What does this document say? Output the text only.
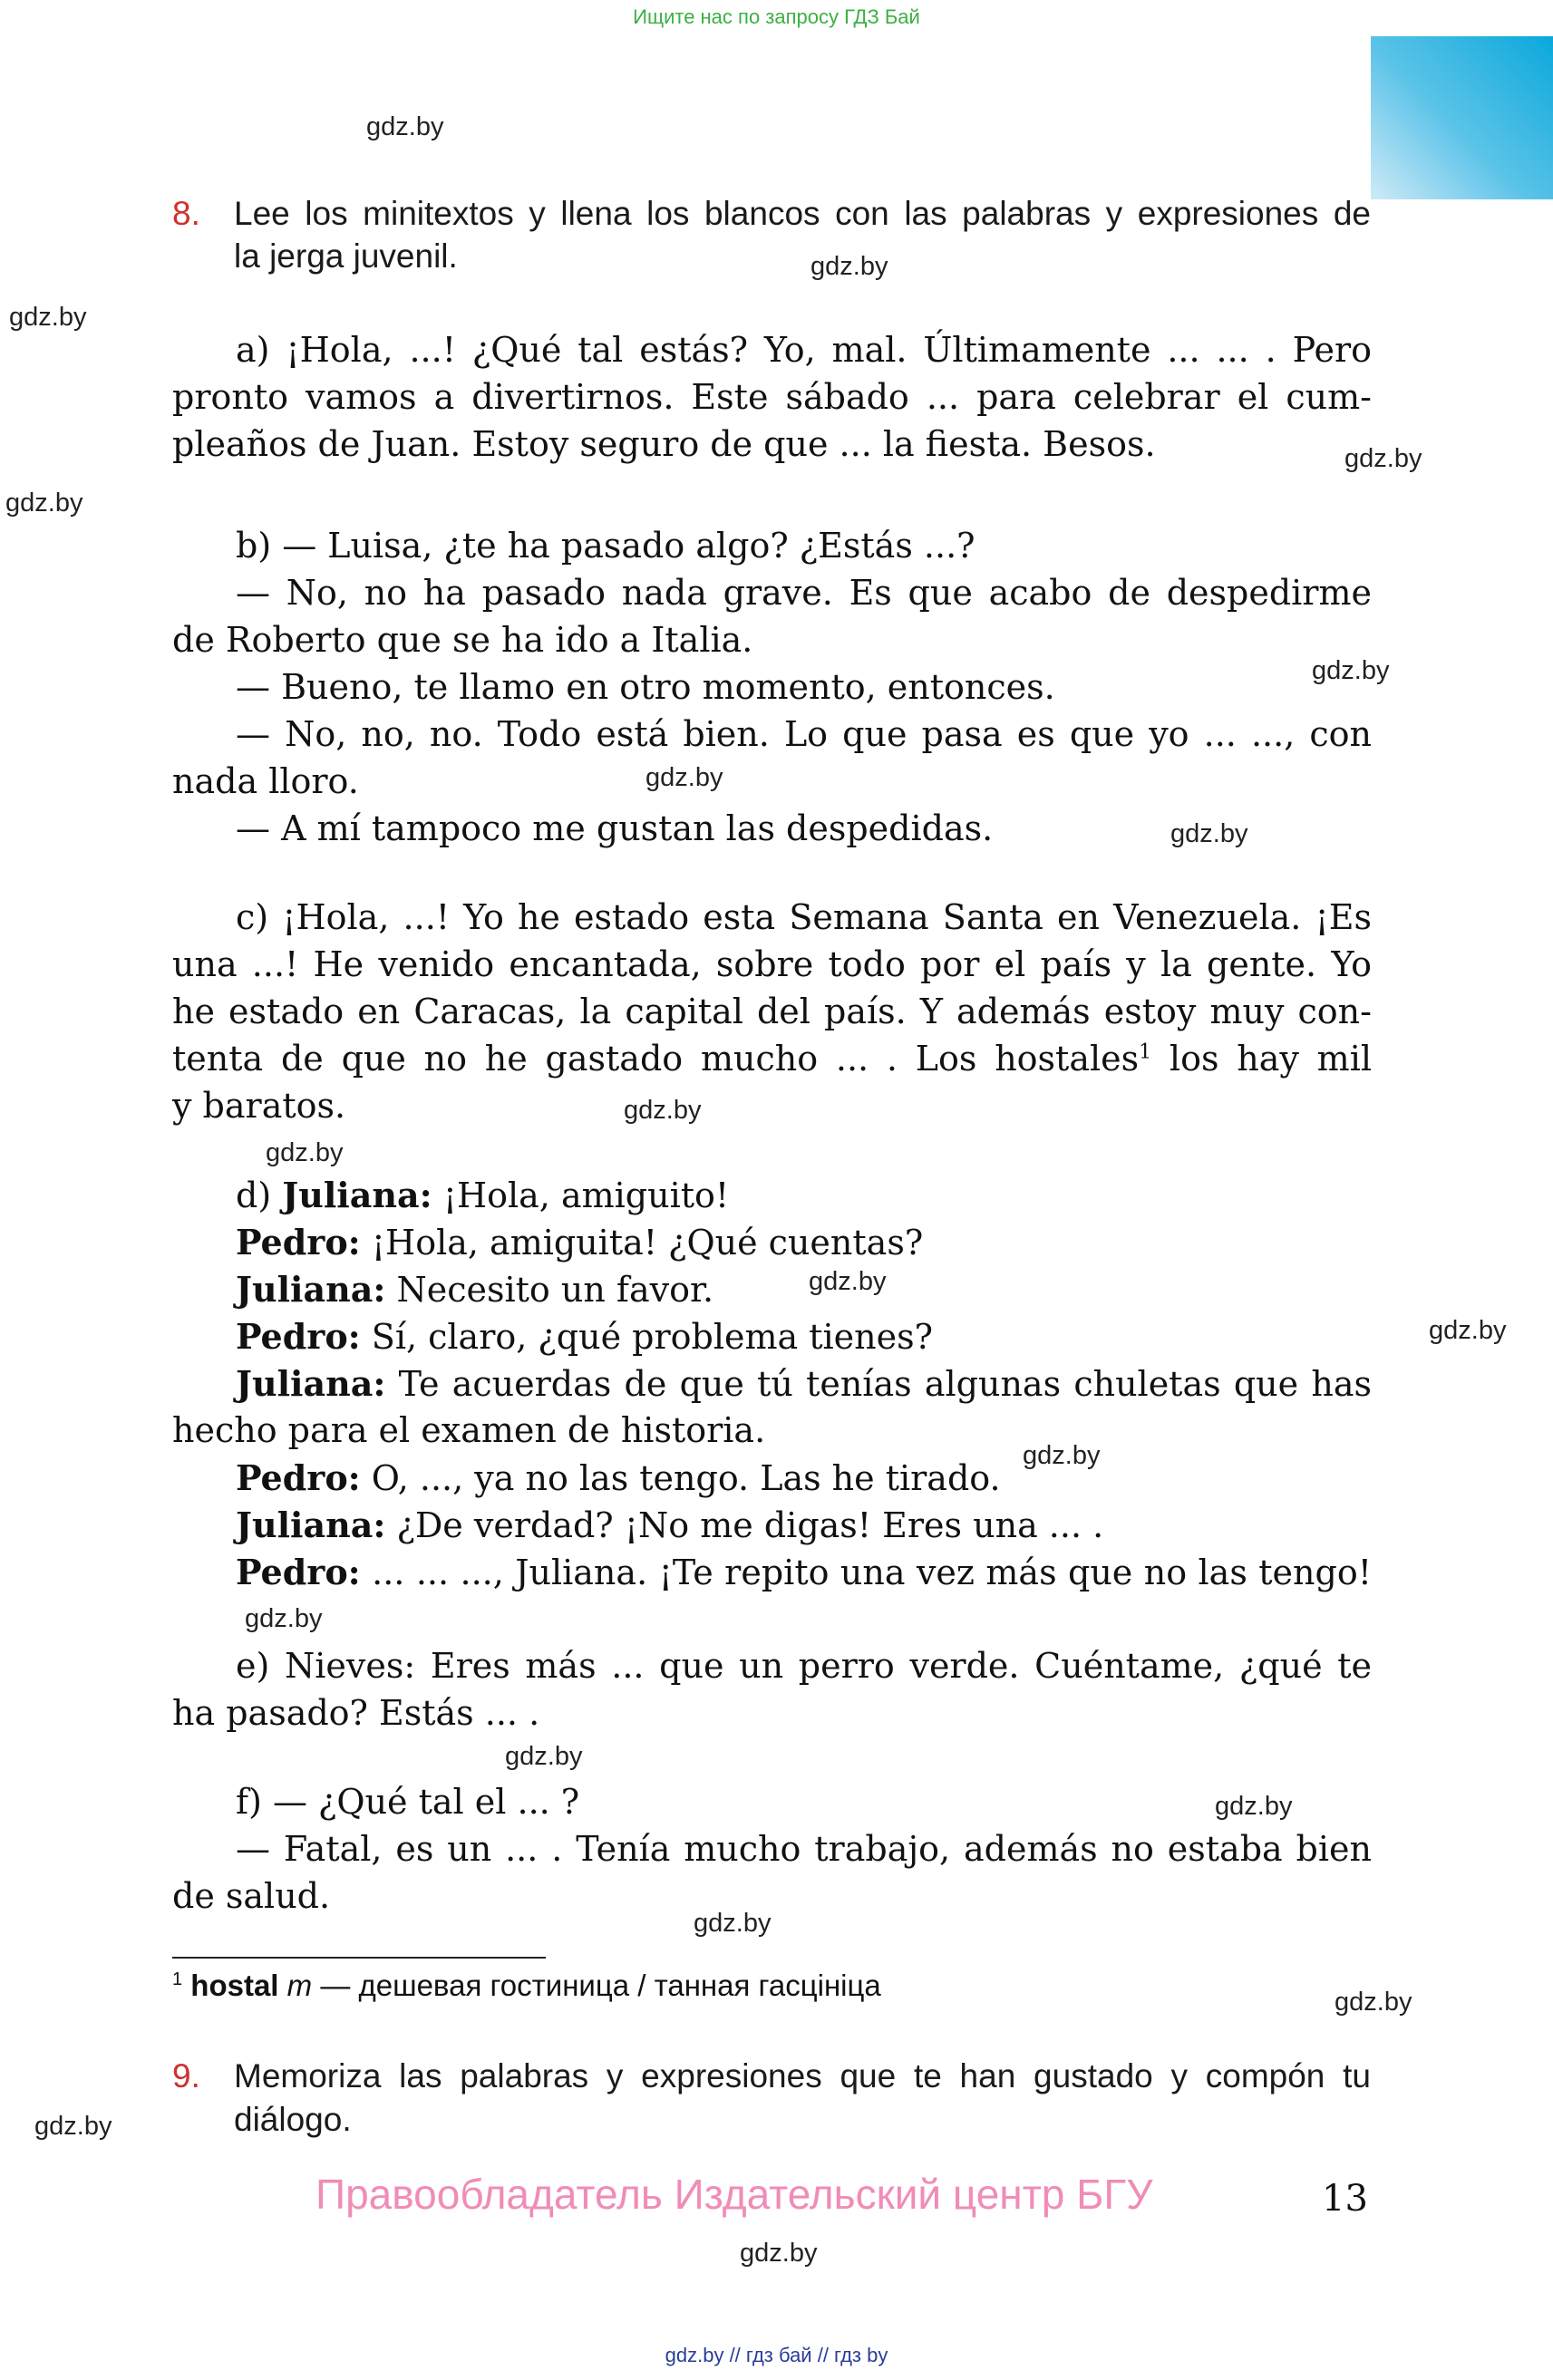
Ищите нас по запросу ГДЗ Бай
gdz.by
gdz.by
gdz.by
gdz.by
gdz.by
gdz.by
gdz.by
gdz.by
gdz.by
gdz.by
gdz.by
gdz.by
gdz.by
gdz.by
gdz.by
gdz.by
gdz.by
gdz.by
gdz.by
gdz.by
8. Lee los minitextos y llena los blancos con las palabras y expresiones de
la jerga juvenil.
a) ¡Hola, ...! ¿Qué tal estás? Yo, mal. Últimamente ... ... . Pero
pronto vamos a divertirnos. Este sábado ... para celebrar el cum-
pleaños de Juan. Estoy seguro de que ... la fiesta. Besos.
b) — Luisa, ¿te ha pasado algo? ¿Estás ...?
— No, no ha pasado nada grave. Es que acabo de despedirme
de Roberto que se ha ido a Italia.
— Bueno, te llamo en otro momento, entonces.
— No, no, no. Todo está bien. Lo que pasa es que yo ... ..., con
nada lloro.
— A mí tampoco me gustan las despedidas.
c) ¡Hola, ...! Yo he estado esta Semana Santa en Venezuela. ¡Es
una ...! He venido encantada, sobre todo por el país y la gente. Yo
he estado en Caracas, la capital del país. Y además estoy muy con-
tenta de que no he gastado mucho ... . Los hostales$^1$ los hay mil
y baratos.
d) Juliana: ¡Hola, amiguito!
Pedro: ¡Hola, amiguita! ¿Qué cuentas?
Juliana: Necesito un favor.
Pedro: Sí, claro, ¿qué problema tienes?
Juliana: Te acuerdas de que tú tenías algunas chuletas que has
hecho para el examen de historia.
Pedro: O, ..., ya no las tengo. Las he tirado.
Juliana: ¿De verdad? ¡No me digas! Eres una ... .
Pedro: ... ... ..., Juliana. ¡Te repito una vez más que no las tengo!
e) Nieves: Eres más ... que un perro verde. Cuéntame, ¿qué te
ha pasado? Estás ... .
f) — ¿Qué tal el ... ?
— Fatal, es un ... . Tenía mucho trabajo, además no estaba bien
de salud.
$^1$ hostal m — дешевая гостиница / танная гасцiнiца
9. Memoriza las palabras y expresiones que te han gustado y compón tu
diálogo.
Правообладатель Издательский центр БГУ	13
gdz.by // гдз бай // гдз by
